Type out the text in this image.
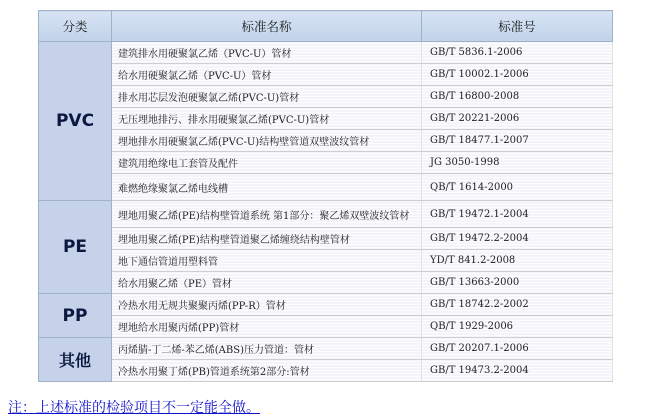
分类	标准名称	标准号
PVC	建筑排水用硬聚氯乙烯（PVC-U）管材	GB/T 5836.1-2006
	给水用硬聚氯乙烯（PVC-U）管材	GB/T 10002.1-2006
	排水用芯层发泡硬聚氯乙烯(PVC-U)管材	GB/T 16800-2008
	无压埋地排污、排水用硬聚氯乙烯(PVC-U)管材	GB/T 20221-2006
	埋地排水用硬聚氯乙烯(PVC-U)结构壁管道双壁波纹管材	GB/T 18477.1-2007
	建筑用绝缘电工套管及配件	JG 3050-1998
	难燃绝缘聚氯乙烯电线槽	QB/T 1614-2000
PE	埋地用聚乙烯(PE)结构壁管道系统 第1部分：聚乙烯双壁波纹管材	GB/T 19472.1-2004
	埋地用聚乙烯(PE)结构壁管道聚乙烯缠绕结构壁管材	GB/T 19472.2-2004
	地下通信管道用塑料管	YD/T 841.2-2008
	给水用聚乙烯（PE）管材	GB/T 13663-2000
PP	冷热水用无规共聚聚丙烯(PP-R）管材	GB/T 18742.2-2002
	埋地给水用聚丙烯(PP)管材	QB/T 1929-2006
其他	丙烯腈-丁二烯-苯乙烯(ABS)压力管道：管材	GB/T 20207.1-2006
	冷热水用聚丁烯(PB)管道系统第2部分:管材	GB/T 19473.2-2004
注：上述标准的检验项目不一定能全做。
